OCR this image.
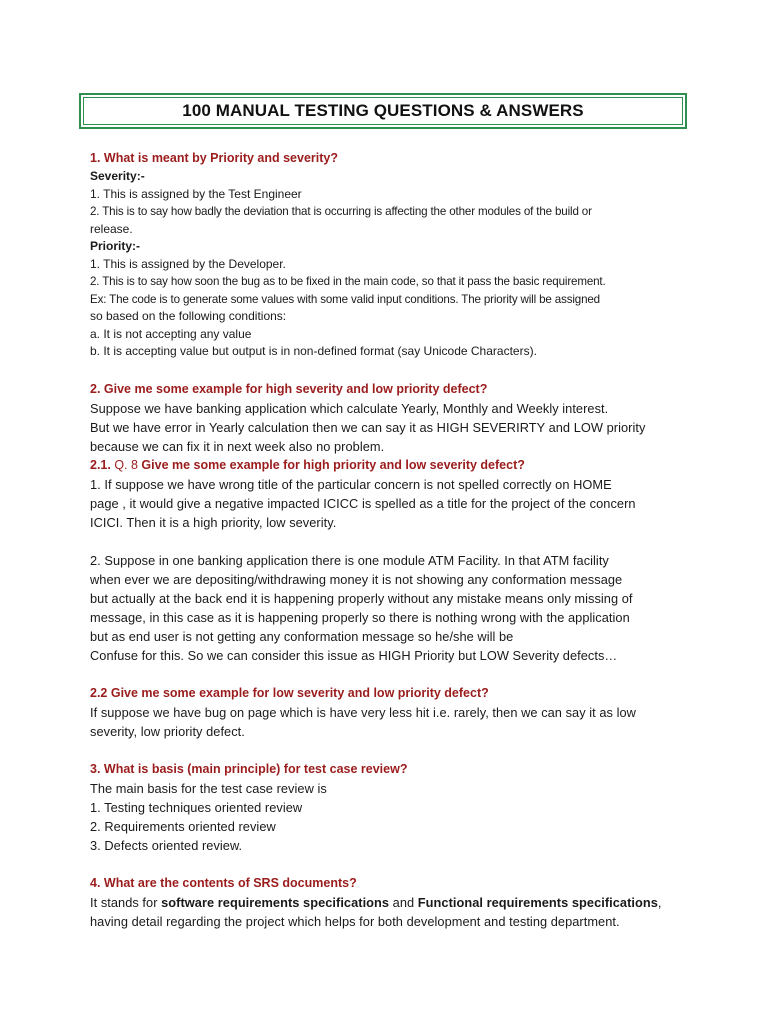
100 MANUAL TESTING QUESTIONS & ANSWERS

1. What is meant by Priority and severity?

Severity:-

1. This is assigned by the Test Engineer

2. This is to say how badly the deviation that is occurring is affecting the other modules of the build or

release.

Priority:-

1. This is assigned by the Developer.

2. This is to say how soon the bug as to be fixed in the main code, so that it pass the basic requirement.

Ex: The code is to generate some values with some valid input conditions. The priority will be assigned

so based on the following conditions:

a. It is not accepting any value

b. It is accepting value but output is in non-defined format (say Unicode Characters).

2. Give me some example for high severity and low priority defect?

Suppose we have banking application which calculate Yearly, Monthly and Weekly interest.

But we have error in Yearly calculation then we can say it as HIGH SEVERIRTY and LOW priority

because we can fix it in next week also no problem.

2.1. Q. 8 Give me some example for high priority and low severity defect?

1. If suppose we have wrong title of the particular concern is not spelled correctly on HOME

page , it would give a negative impacted ICICC is spelled as a title for the project of the concern

ICICI. Then it is a high priority, low severity.

2. Suppose in one banking application there is one module ATM Facility. In that ATM facility

when ever we are depositing/withdrawing money it is not showing any conformation message

but actually at the back end it is happening properly without any mistake means only missing of

message, in this case as it is happening properly so there is nothing wrong with the application

but as end user is not getting any conformation message so he/she will be

Confuse for this. So we can consider this issue as HIGH Priority but LOW Severity defects…

2.2 Give me some example for low severity and low priority defect?

If suppose we have bug on page which is have very less hit i.e. rarely, then we can say it as low

severity, low priority defect.

3. What is basis (main principle) for test case review?

The main basis for the test case review is

1. Testing techniques oriented review

2. Requirements oriented review

3. Defects oriented review.

4. What are the contents of SRS documents?

It stands for software requirements specifications and Functional requirements specifications,

having detail regarding the project which helps for both development and testing department.
